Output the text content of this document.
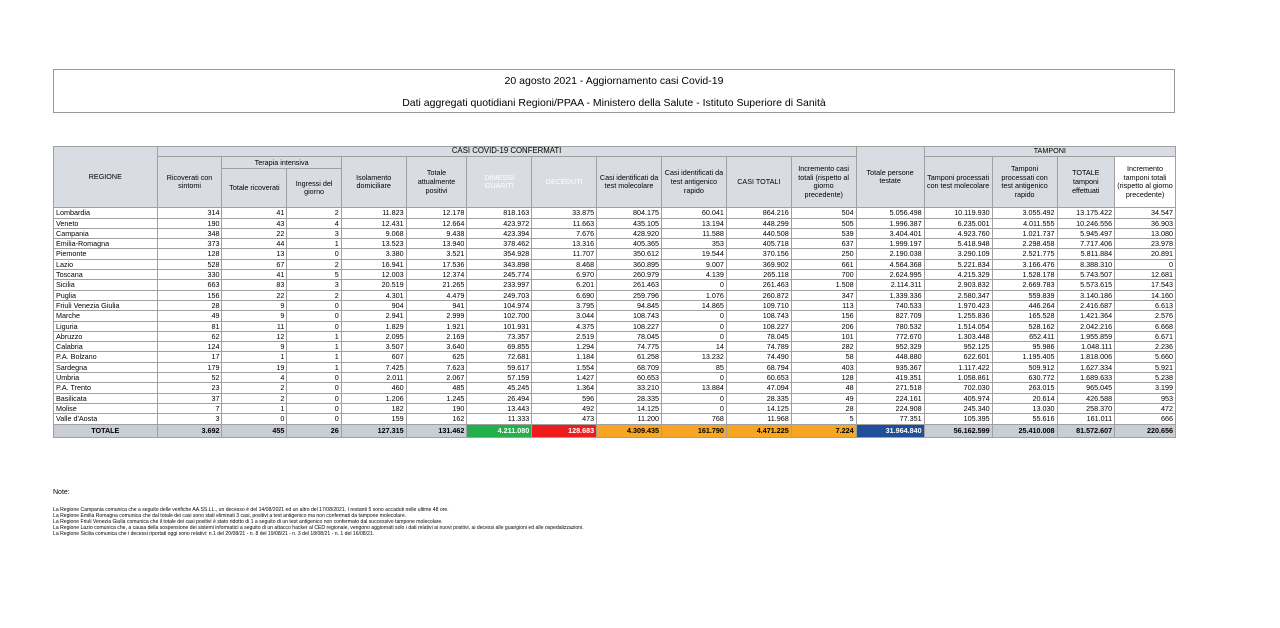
20 agosto 2021 - Aggiornamento casi Covid-19
Dati aggregati quotidiani Regioni/PPAA - Ministero della Salute - Istituto Superiore di Sanità
REGIONE	CASI COVID-19 CONFERMATI											Totale persone testate	TAMPONI			
	Ricoverati con sintomi	Terapia intensiva		Isolamento domiciliare	Totale attualmente positivi	DIMESSI GUARITI	DECEDUTI	Casi identificati da test molecolare	Casi identificati da test antigenico rapido	CASI TOTALI	Incremento casi totali (rispetto al giorno precedente)		Tamponi processati con test molecolare	Tamponi processati con test antigenico rapido	TOTALE tamponi effettuati	Incremento tamponi totali (rispetto al giorno precedente)
		Totale ricoverati	Ingressi del giorno													
Lombardia	314	41	2	11.823	12.178	818.163	33.875	804.175	60.041	864.216	504	5.056.498	10.119.930	3.055.492	13.175.422	34.547
Veneto	190	43	4	12.431	12.664	423.972	11.663	435.105	13.194	448.299	505	1.996.387	6.235.001	4.011.555	10.246.556	36.903
Campania	348	22	3	9.068	9.438	423.394	7.676	428.920	11.588	440.508	539	3.404.401	4.923.760	1.021.737	5.945.497	13.080
Emilia-Romagna	373	44	1	13.523	13.940	378.462	13.316	405.365	353	405.718	637	1.999.197	5.418.948	2.298.458	7.717.406	23.978
Piemonte	128	13	0	3.380	3.521	354.928	11.707	350.612	19.544	370.156	250	2.190.038	3.290.109	2.521.775	5.811.884	20.891
Lazio	528	67	2	16.941	17.536	343.898	8.468	360.895	9.007	369.902	661	4.564.368	5.221.834	3.166.476	8.388.310	0
Toscana	330	41	5	12.003	12.374	245.774	6.970	260.979	4.139	265.118	700	2.624.995	4.215.329	1.528.178	5.743.507	12.681
Sicilia	663	83	3	20.519	21.265	233.997	6.201	261.463	0	261.463	1.508	2.114.311	2.903.832	2.669.783	5.573.615	17.543
Puglia	156	22	2	4.301	4.479	249.703	6.690	259.796	1.076	260.872	347	1.339.336	2.580.347	559.839	3.140.186	14.160
Friuli Venezia Giulia	28	9	0	904	941	104.974	3.795	94.845	14.865	109.710	113	740.533	1.970.423	446.264	2.416.687	6.613
Marche	49	9	0	2.941	2.999	102.700	3.044	108.743	0	108.743	156	827.709	1.255.836	165.528	1.421.364	2.576
Liguria	81	11	0	1.829	1.921	101.931	4.375	108.227	0	108.227	206	780.532	1.514.054	528.162	2.042.216	6.668
Abruzzo	62	12	1	2.095	2.169	73.357	2.519	78.045	0	78.045	101	772.670	1.303.448	652.411	1.955.859	6.671
Calabria	124	9	1	3.507	3.640	69.855	1.294	74.775	14	74.789	282	952.329	952.125	95.986	1.048.111	2.236
P.A. Bolzano	17	1	1	607	625	72.681	1.184	61.258	13.232	74.490	58	448.880	622.601	1.195.405	1.818.006	5.660
Sardegna	179	19	1	7.425	7.623	59.617	1.554	68.709	85	68.794	403	935.367	1.117.422	509.912	1.627.334	5.921
Umbria	52	4	0	2.011	2.067	57.159	1.427	60.653	0	60.653	128	419.351	1.058.861	630.772	1.689.633	5.238
P.A. Trento	23	2	0	460	485	45.245	1.364	33.210	13.884	47.094	48	271.518	702.030	263.015	965.045	3.199
Basilicata	37	2	0	1.206	1.245	26.494	596	28.335	0	28.335	49	224.161	405.974	20.614	426.588	953
Molise	7	1	0	182	190	13.443	492	14.125	0	14.125	28	224.908	245.340	13.030	258.370	472
Valle d'Aosta	3	0	0	159	162	11.333	473	11.200	768	11.968	5	77.351	105.395	55.616	161.011	666
TOTALE	3.692	455	26	127.315	131.462	4.211.080	128.683	4.309.435	161.790	4.471.225	7.224	31.964.840	56.162.599	25.410.008	81.572.607	220.656
Note:
La Regione Campania comunica che a seguito delle verifiche AA.SS.LL., un decesso è del 14/08/2021 ed un altro del 17/08/2021. I restanti 5 sono accaduti nelle ultime 48 ore.
La Regione Emilia Romagna comunica che dal totale dei casi sono stati eliminati 3 casi, positivi a test antigenico ma non confermati da tampone molecolare.
La Regione Friuli Venezia Giulia comunica che il totale dei casi positivi è stato ridotto di 1 a seguito di un test antigenico non confermato dal successivo tampone molecolare.
La Regione Lazio comunica che, a causa della sospensione dei sistemi informatici a seguito di un attacco hacker al CED regionale, vengono aggiornati solo i dati relativi ai nuovi positivi, ai decessi alle guarigioni ed alle ospedalizzazioni.
La Regione Sicilia comunica che i decessi riportati oggi sono relativi: n.1 del 20/08/21 - n. 8 del 19/08/21 - n. 3 del 18/08/21 - n. 1 del 16/08/21.
